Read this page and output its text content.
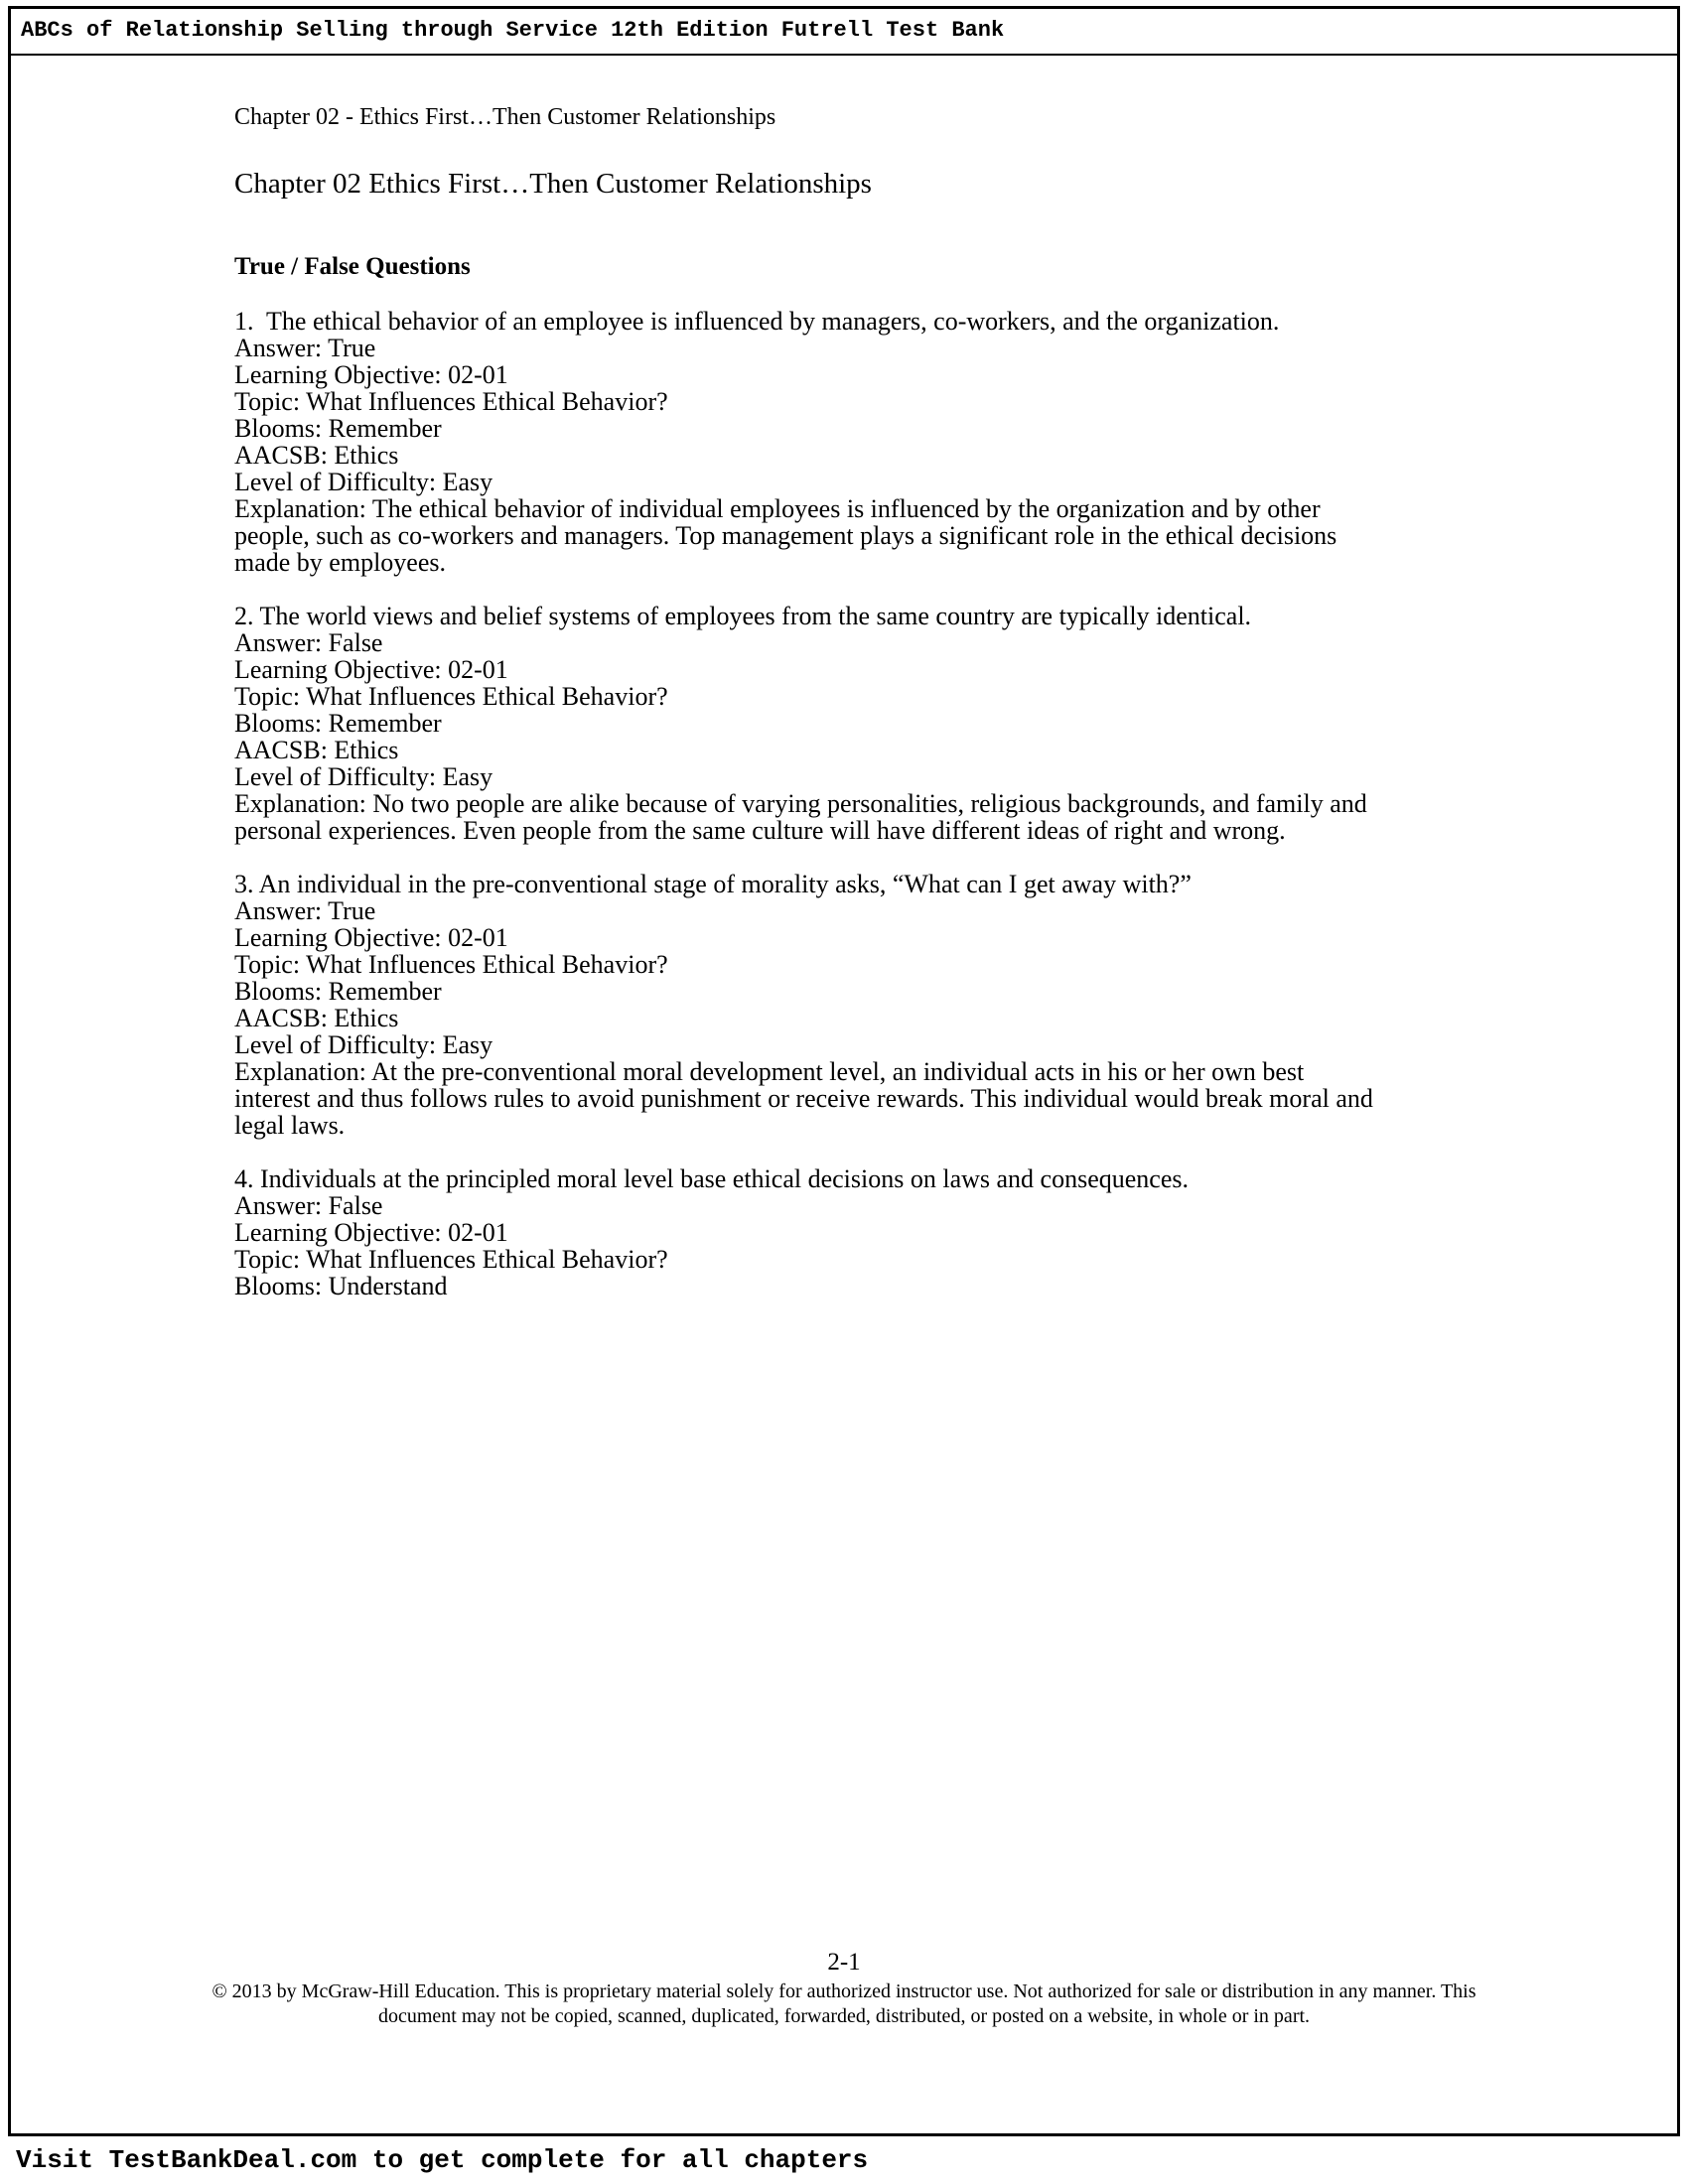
ABCs of Relationship Selling through Service 12th Edition Futrell Test Bank
Chapter 02 - Ethics First…Then Customer Relationships
Chapter 02 Ethics First…Then Customer Relationships
True / False Questions
1.  The ethical behavior of an employee is influenced by managers, co-workers, and the organization.
Answer: True
Learning Objective: 02-01
Topic: What Influences Ethical Behavior?
Blooms: Remember
AACSB: Ethics
Level of Difficulty: Easy
Explanation: The ethical behavior of individual employees is influenced by the organization and by other people, such as co-workers and managers. Top management plays a significant role in the ethical decisions made by employees.
2. The world views and belief systems of employees from the same country are typically identical.
Answer: False
Learning Objective: 02-01
Topic: What Influences Ethical Behavior?
Blooms: Remember
AACSB: Ethics
Level of Difficulty: Easy
Explanation: No two people are alike because of varying personalities, religious backgrounds, and family and personal experiences. Even people from the same culture will have different ideas of right and wrong.
3. An individual in the pre-conventional stage of morality asks, “What can I get away with?”
Answer: True
Learning Objective: 02-01
Topic: What Influences Ethical Behavior?
Blooms: Remember
AACSB: Ethics
Level of Difficulty: Easy
Explanation: At the pre-conventional moral development level, an individual acts in his or her own best interest and thus follows rules to avoid punishment or receive rewards. This individual would break moral and legal laws.
4. Individuals at the principled moral level base ethical decisions on laws and consequences.
Answer: False
Learning Objective: 02-01
Topic: What Influences Ethical Behavior?
Blooms: Understand
2-1
© 2013 by McGraw-Hill Education. This is proprietary material solely for authorized instructor use. Not authorized for sale or distribution in any manner. This document may not be copied, scanned, duplicated, forwarded, distributed, or posted on a website, in whole or in part.
Visit TestBankDeal.com to get complete for all chapters
